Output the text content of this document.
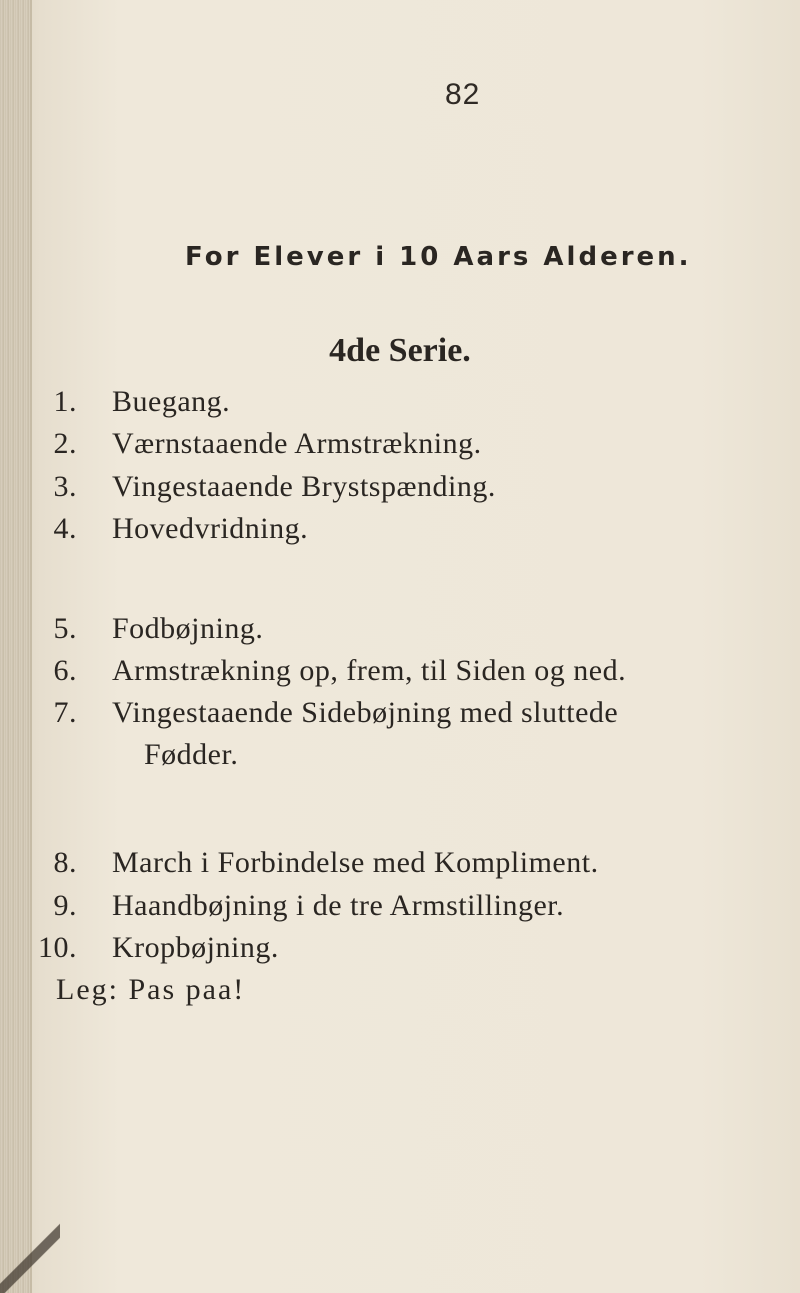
82
For Elever i 10 Aars Alderen.
4de Serie.
1. Buegang.
2. Værnstaaende Armstrækning.
3. Vingestaaende Brystspænding.
4. Hovedvridning.
5. Fodbøjning.
6. Armstrækning op, frem, til Siden og ned.
7. Vingestaaende Sidebøjning med sluttede
Fødder.
8. March i Forbindelse med Kompliment.
9. Haandbøjning i de tre Armstillinger.
10. Kropbøjning.
Leg: Pas paa!
